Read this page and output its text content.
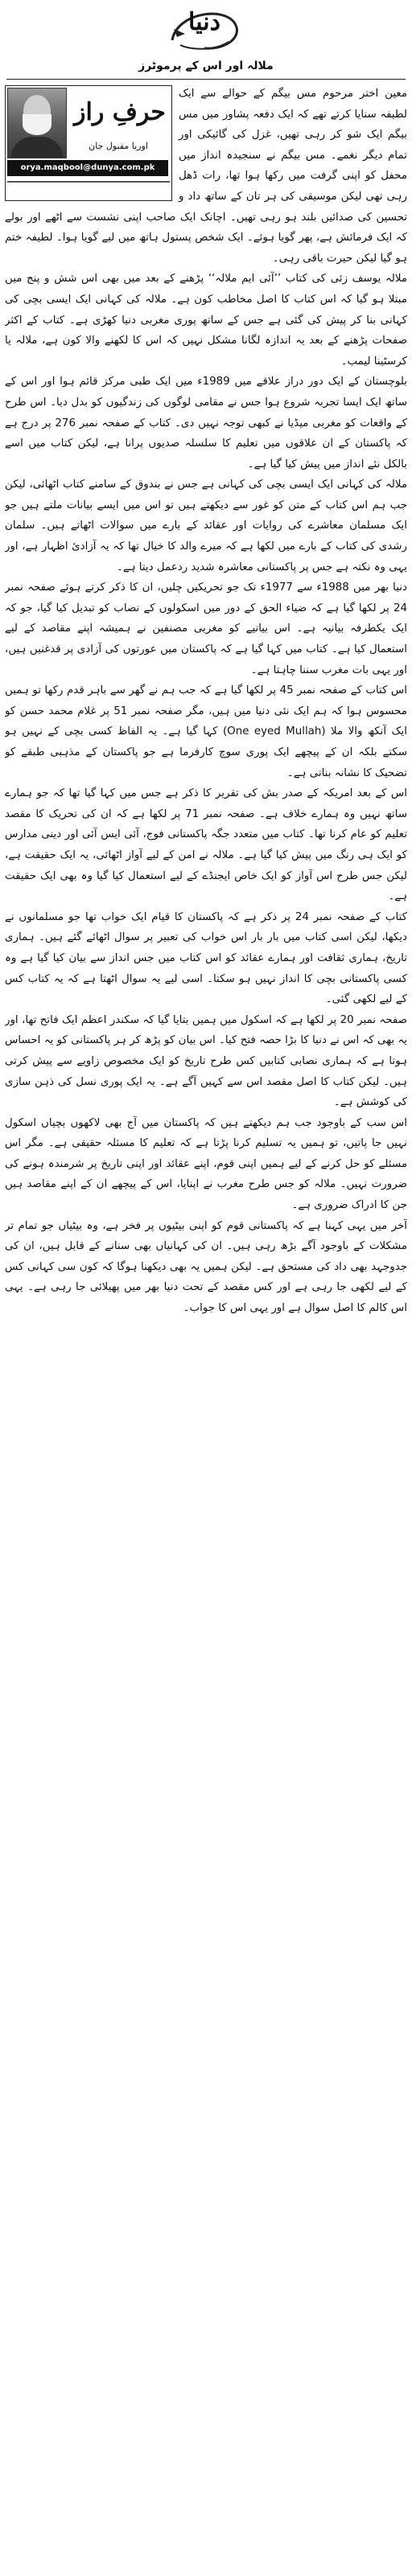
دنیا
ملالہ اور اس کے پرموٹرز

معین اختر مرحوم مس بیگم کے حوالے سے ایک لطیفہ سنایا کرتے تھے کہ ایک دفعہ پشاور میں مس بیگم ایک شو کر رہی تھیں، غزل کی گائیکی اور تمام دیگر نغمے۔ مس بیگم نے سنجیدہ انداز میں محفل کو اپنی گرفت میں رکھا ہوا تھا، رات ڈھل رہی تھی لیکن موسیقی کی ہر تان کے ساتھ داد و تحسین کی صدائیں بلند ہو رہی تھیں۔ اچانک ایک صاحب اپنی نشست سے اٹھے اور بولے کہ ایک فرمائش ہے، پھر گویا ہوئے۔ ایک شخص پستول ہاتھ میں لیے گویا ہوا۔ لطیفہ ختم ہو گیا لیکن حیرت باقی رہی۔

ملالہ یوسف زئی کی کتاب ’’آئی ایم ملالہ‘‘ پڑھنے کے بعد میں بھی اس شش و پنج میں مبتلا ہو گیا کہ اس کتاب کا اصل مخاطب کون ہے۔ ملالہ کی کہانی ایک ایسی بچی کی کہانی بنا کر پیش کی گئی ہے جس کے ساتھ پوری مغربی دنیا کھڑی ہے۔ کتاب کے اکثر صفحات پڑھنے کے بعد یہ اندازہ لگانا مشکل نہیں کہ اس کا لکھنے والا کون ہے، ملالہ یا کرسٹینا لیمب۔

بلوچستان کے ایک دور دراز علاقے میں 1989ء میں ایک طبی مرکز قائم ہوا اور اس کے ساتھ ایک ایسا تجربہ شروع ہوا جس نے مقامی لوگوں کی زندگیوں کو بدل دیا۔ اس طرح کے واقعات کو مغربی میڈیا نے کبھی توجہ نہیں دی۔ کتاب کے صفحہ نمبر 276 پر درج ہے کہ پاکستان کے ان علاقوں میں تعلیم کا سلسلہ صدیوں پرانا ہے، لیکن کتاب میں اسے بالکل نئے انداز میں پیش کیا گیا ہے۔

ملالہ کی کہانی ایک ایسی بچی کی کہانی ہے جس نے بندوق کے سامنے کتاب اٹھائی، لیکن جب ہم اس کتاب کے متن کو غور سے دیکھتے ہیں تو اس میں ایسے بیانات ملتے ہیں جو ایک مسلمان معاشرے کی روایات اور عقائد کے بارے میں سوالات اٹھاتے ہیں۔ سلمان رشدی کی کتاب کے بارے میں لکھا ہے کہ میرے والد کا خیال تھا کہ یہ آزادیٔ اظہار ہے، اور یہی وہ نکتہ ہے جس پر پاکستانی معاشرہ شدید ردعمل دیتا ہے۔

دنیا بھر میں 1988ء سے 1977ء تک جو تحریکیں چلیں، ان کا ذکر کرتے ہوئے صفحہ نمبر 24 پر لکھا گیا ہے کہ ضیاء الحق کے دور میں اسکولوں کے نصاب کو تبدیل کیا گیا، جو کہ ایک یکطرفہ بیانیہ ہے۔ اس بیانیے کو مغربی مصنفین نے ہمیشہ اپنے مقاصد کے لیے استعمال کیا ہے۔ کتاب میں کہا گیا ہے کہ پاکستان میں عورتوں کی آزادی پر قدغنیں ہیں، اور یہی بات مغرب سننا چاہتا ہے۔

اس کتاب کے صفحہ نمبر 45 پر لکھا گیا ہے کہ جب ہم نے گھر سے باہر قدم رکھا تو ہمیں محسوس ہوا کہ ہم ایک نئی دنیا میں ہیں، مگر صفحہ نمبر 51 پر غلام محمد حسن کو ایک آنکھ والا ملا (One eyed Mullah) کہا گیا ہے۔ یہ الفاظ کسی بچی کے نہیں ہو سکتے بلکہ ان کے پیچھے ایک پوری سوچ کارفرما ہے جو پاکستان کے مذہبی طبقے کو تضحیک کا نشانہ بناتی ہے۔

اس کے بعد امریکہ کے صدر بش کی تقریر کا ذکر ہے جس میں کہا گیا تھا کہ جو ہمارے ساتھ نہیں وہ ہمارے خلاف ہے۔ صفحہ نمبر 71 پر لکھا ہے کہ ان کی تحریک کا مقصد تعلیم کو عام کرنا تھا۔ کتاب میں متعدد جگہ پاکستانی فوج، آئی ایس آئی اور دینی مدارس کو ایک ہی رنگ میں پیش کیا گیا ہے۔ ملالہ نے امن کے لیے آواز اٹھائی، یہ ایک حقیقت ہے، لیکن جس طرح اس آواز کو ایک خاص ایجنڈے کے لیے استعمال کیا گیا وہ بھی ایک حقیقت ہے۔

کتاب کے صفحہ نمبر 24 پر ذکر ہے کہ پاکستان کا قیام ایک خواب تھا جو مسلمانوں نے دیکھا، لیکن اسی کتاب میں بار بار اس خواب کی تعبیر پر سوال اٹھائے گئے ہیں۔ ہماری تاریخ، ہماری ثقافت اور ہمارے عقائد کو اس کتاب میں جس انداز سے بیان کیا گیا ہے وہ کسی پاکستانی بچی کا انداز نہیں ہو سکتا۔ اسی لیے یہ سوال اٹھتا ہے کہ یہ کتاب کس کے لیے لکھی گئی۔

صفحہ نمبر 20 پر لکھا ہے کہ اسکول میں ہمیں بتایا گیا کہ سکندر اعظم ایک فاتح تھا، اور یہ بھی کہ اس نے دنیا کا بڑا حصہ فتح کیا۔ اس بیان کو پڑھ کر ہر پاکستانی کو یہ احساس ہوتا ہے کہ ہماری نصابی کتابیں کس طرح تاریخ کو ایک مخصوص زاویے سے پیش کرتی ہیں۔ لیکن کتاب کا اصل مقصد اس سے کہیں آگے ہے۔ یہ ایک پوری نسل کی ذہن سازی کی کوشش ہے۔

اس سب کے باوجود جب ہم دیکھتے ہیں کہ پاکستان میں آج بھی لاکھوں بچیاں اسکول نہیں جا پاتیں، تو ہمیں یہ تسلیم کرنا پڑتا ہے کہ تعلیم کا مسئلہ حقیقی ہے۔ مگر اس مسئلے کو حل کرنے کے لیے ہمیں اپنی قوم، اپنے عقائد اور اپنی تاریخ پر شرمندہ ہونے کی ضرورت نہیں۔ ملالہ کو جس طرح مغرب نے اپنایا، اس کے پیچھے ان کے اپنے مقاصد ہیں جن کا ادراک ضروری ہے۔

آخر میں یہی کہنا ہے کہ پاکستانی قوم کو اپنی بیٹیوں پر فخر ہے، وہ بیٹیاں جو تمام تر مشکلات کے باوجود آگے بڑھ رہی ہیں۔ ان کی کہانیاں بھی سنانے کے قابل ہیں، ان کی جدوجہد بھی داد کی مستحق ہے۔ لیکن ہمیں یہ بھی دیکھنا ہوگا کہ کون سی کہانی کس کے لیے لکھی جا رہی ہے اور کس مقصد کے تحت دنیا بھر میں پھیلائی جا رہی ہے۔ یہی اس کالم کا اصل سوال ہے اور یہی اس کا جواب۔

حرفِ راز
اوریا مقبول جان
orya.maqbool@dunya.com.pk
